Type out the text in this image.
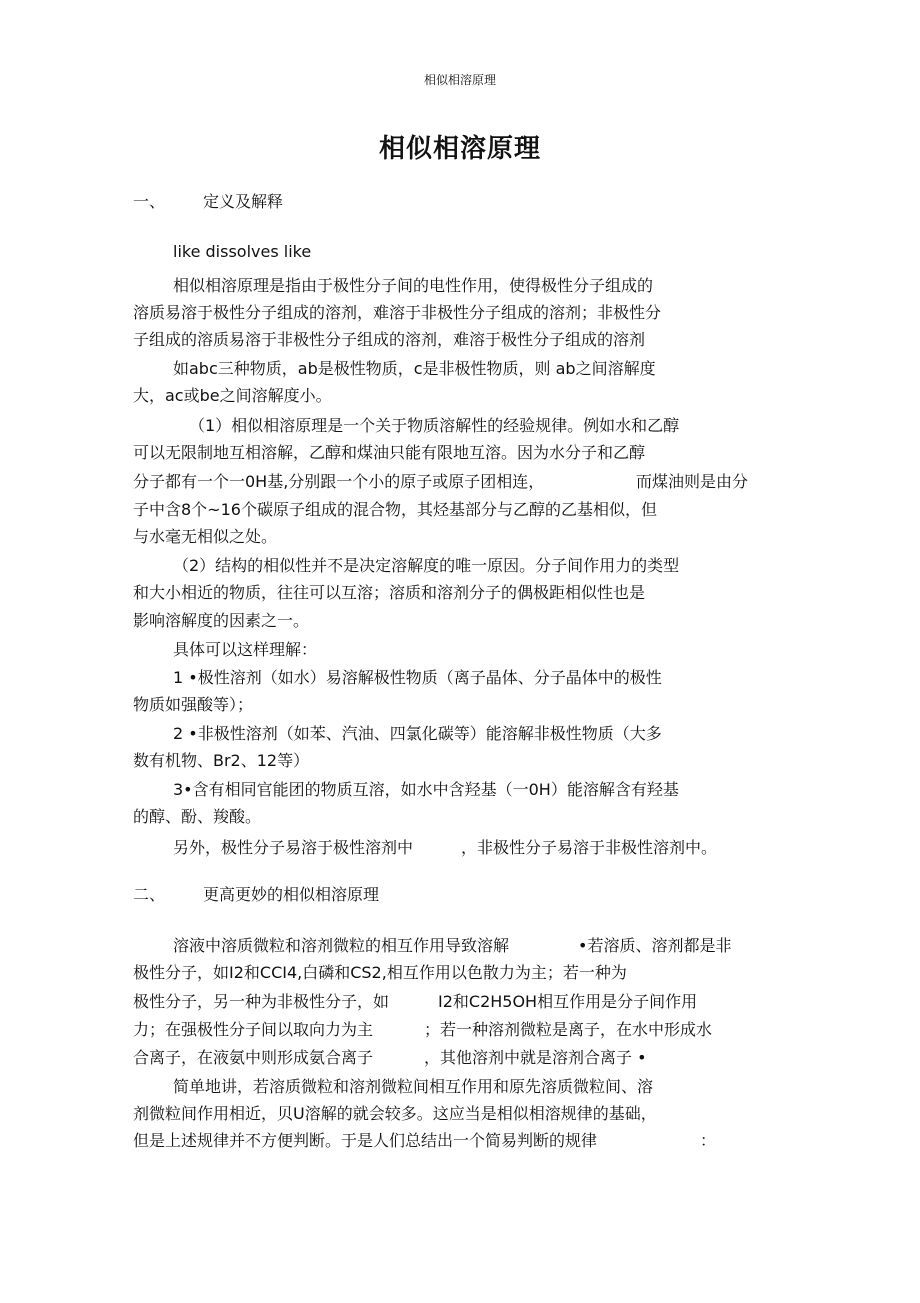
相似相溶原理
相似相溶原理
一、 定义及解释
like dissolves like
相似相溶原理是指由于极性分子间的电性作用，使得极性分子组成的
溶质易溶于极性分子组成的溶剂，难溶于非极性分子组成的溶剂；非极性分
子组成的溶质易溶于非极性分子组成的溶剂，难溶于极性分子组成的溶剂
如abc三种物质，ab是极性物质，c是非极性物质，则 ab之间溶解度
大，ac或be之间溶解度小。
（1）相似相溶原理是一个关于物质溶解性的经验规律。例如水和乙醇
可以无限制地互相溶解，乙醇和煤油只能有限地互溶。因为水分子和乙醇
分子都有一个一0H基,分别跟一个小的原子或原子团相连，	而煤油则是由分
子中含8个~16个碳原子组成的混合物，其烃基部分与乙醇的乙基相似，但
与水毫无相似之处。
（2）结构的相似性并不是决定溶解度的唯一原因。分子间作用力的类型
和大小相近的物质，往往可以互溶；溶质和溶剂分子的偶极距相似性也是
影响溶解度的因素之一。
具体可以这样理解：
1 •极性溶剂（如水）易溶解极性物质（离子晶体、分子晶体中的极性
物质如强酸等）；
2 •非极性溶剂（如苯、汽油、四氯化碳等）能溶解非极性物质（大多
数有机物、Br2、12等）
3•含有相同官能团的物质互溶，如水中含羟基（一0H）能溶解含有羟基
的醇、酚、羧酸。
另外，极性分子易溶于极性溶剂中	，非极性分子易溶于非极性溶剂中。
二、 更高更妙的相似相溶原理
溶液中溶质微粒和溶剂微粒的相互作用导致溶解	•若溶质、溶剂都是非
极性分子，如I2和CCI4,白磷和CS2,相互作用以色散力为主；若一种为
极性分子，另一种为非极性分子，如	I2和C2H5OH相互作用是分子间作用
力；在强极性分子间以取向力为主	；若一种溶剂微粒是离子，在水中形成水
合离子，在液氨中则形成氨合离子	，其他溶剂中就是溶剂合离子 •
简单地讲，若溶质微粒和溶剂微粒间相互作用和原先溶质微粒间、溶
剂微粒间作用相近，贝U溶解的就会较多。这应当是相似相溶规律的基础，
但是上述规律并不方便判断。于是人们总结出一个简易判断的规律	：
